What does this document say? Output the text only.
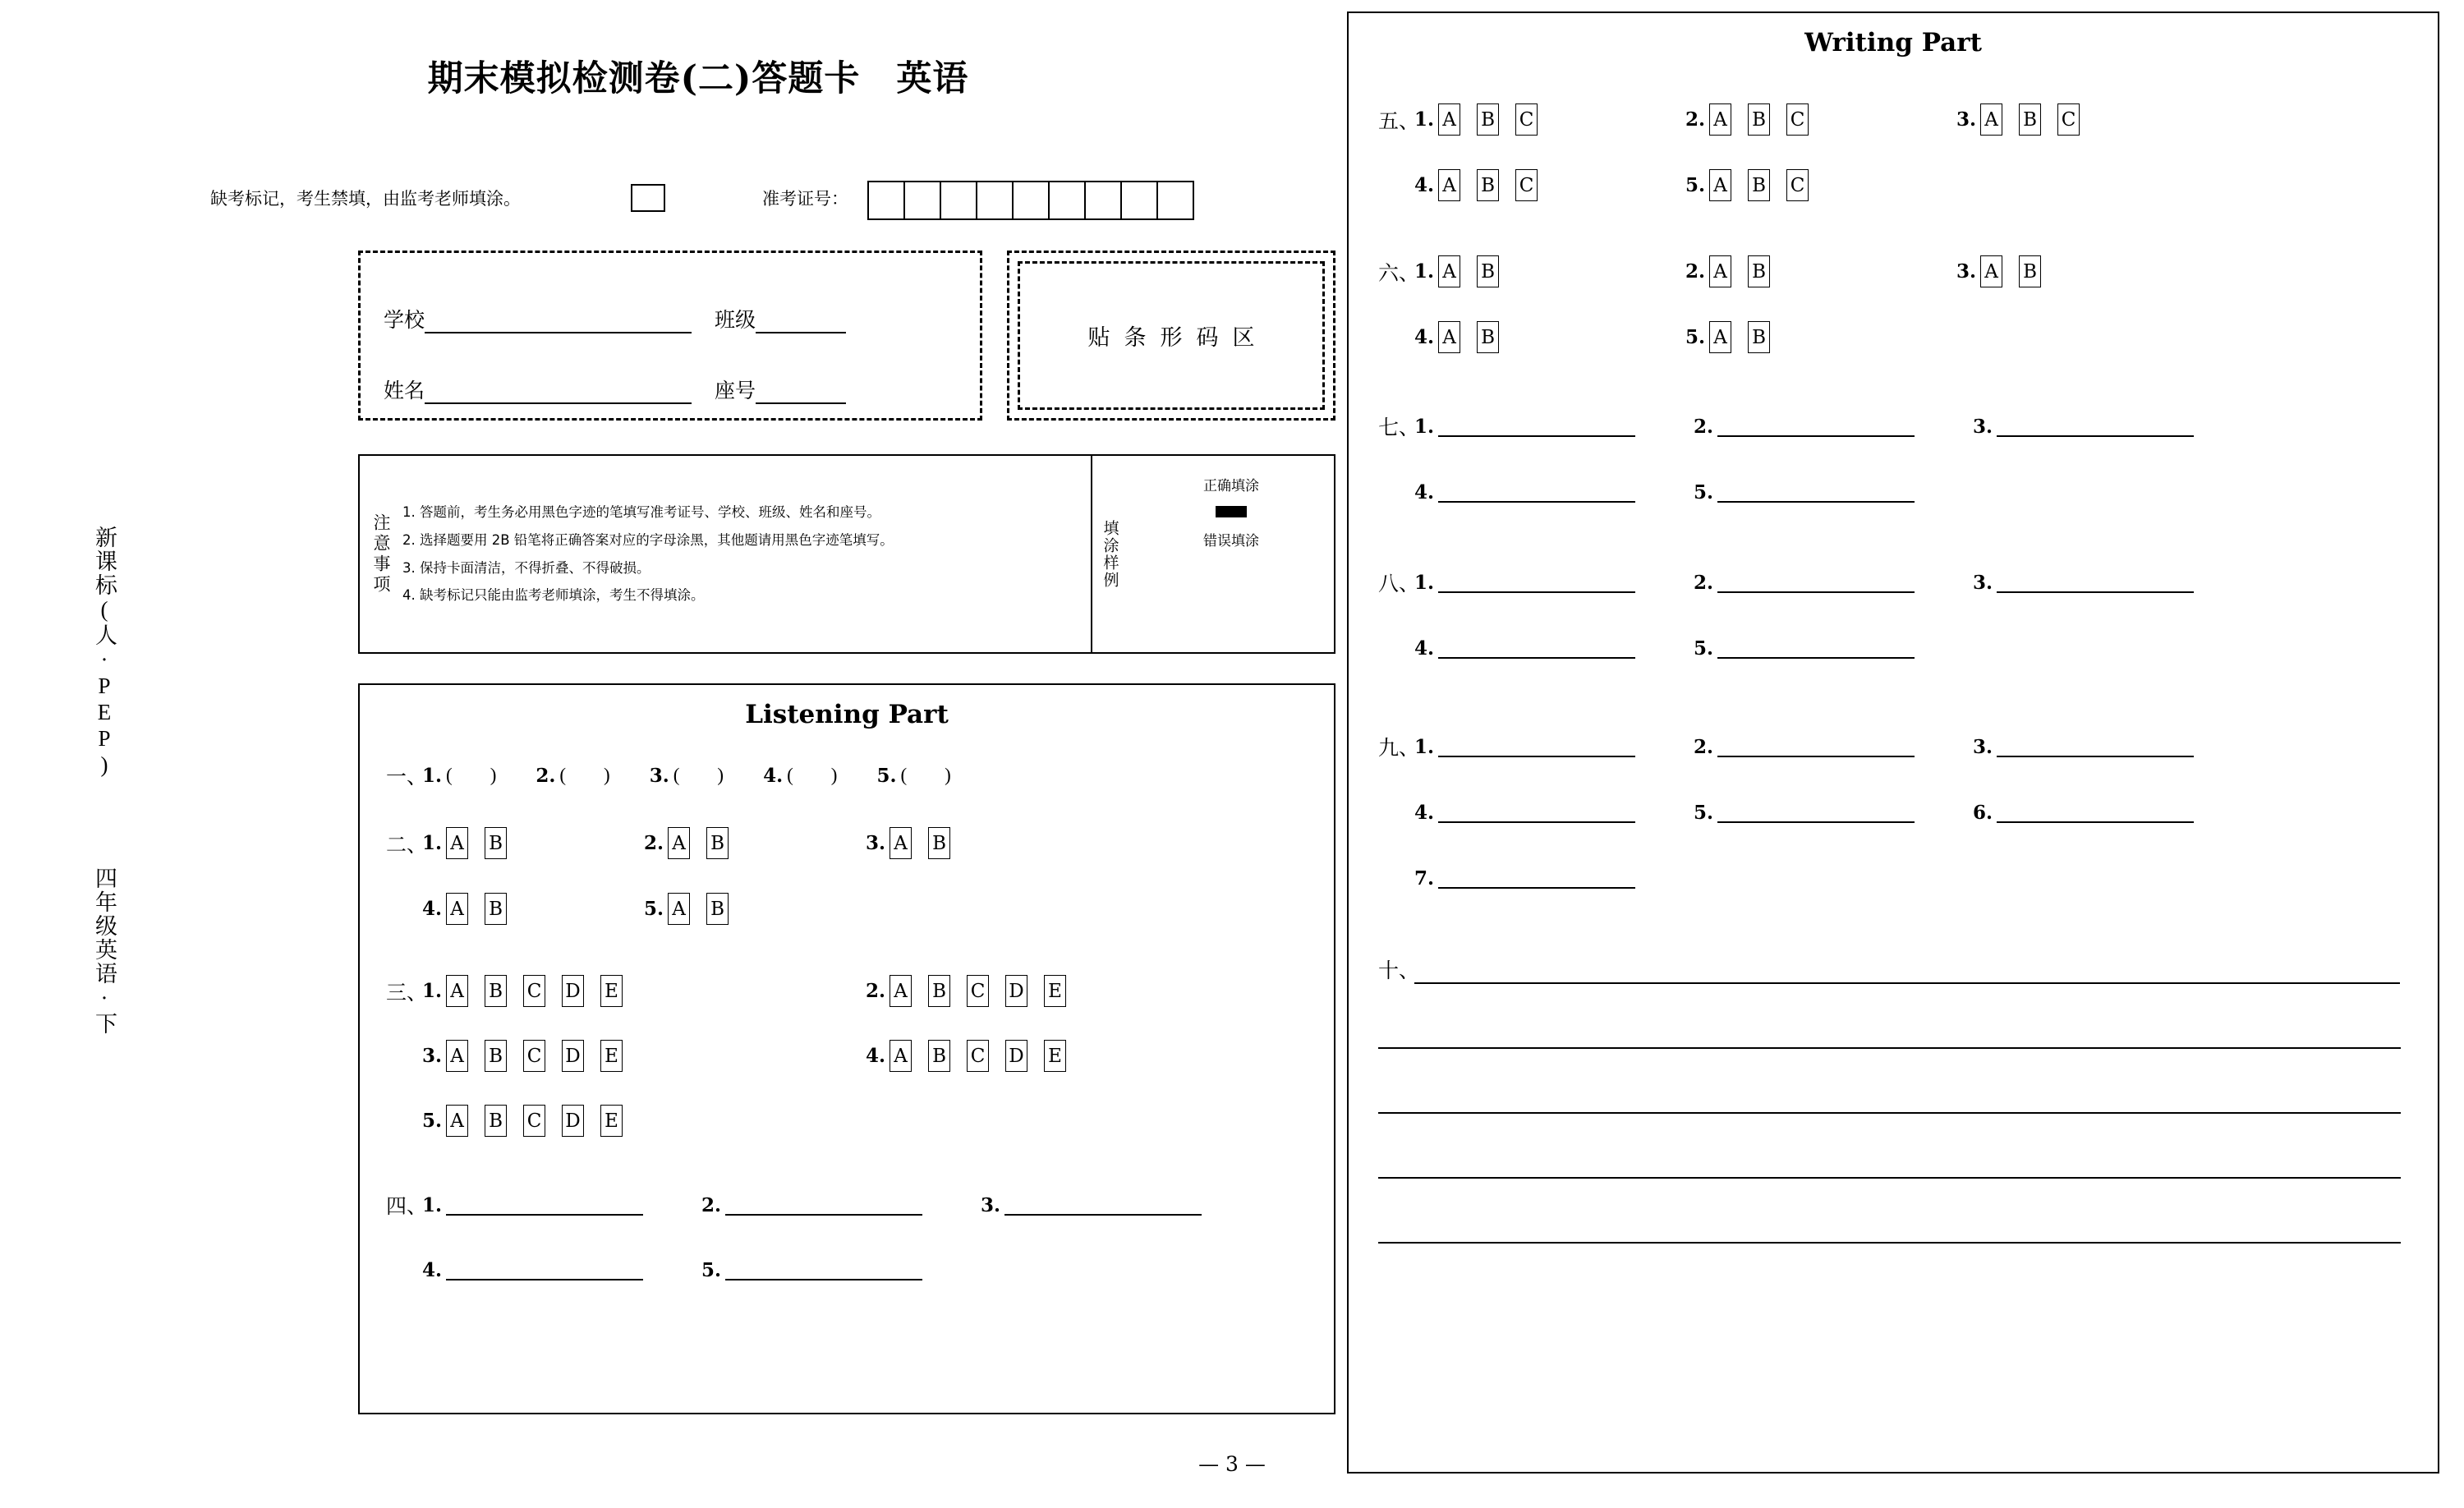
新课标(人·PEP)
四年级英语·下
期末模拟检测卷(二)答题卡　英语
缺考标记，考生禁填，由监考老师填涂。	准考证号：
学校	班级
姓名	座号
贴条形码区
注意事项
1. 答题前，考生务必用黑色字迹的笔填写准考证号、学校、班级、姓名和座号。
2. 选择题要用 2B 铅笔将正确答案对应的字母涂黑，其他题请用黑色字迹笔填写。
3. 保持卡面清洁，不得折叠、不得破损。
4. 缺考标记只能由监考老师填涂，考生不得填涂。
填涂样例
正确填涂
错误填涂
Listening Part
一、
1. ( ) 2. ( ) 3. ( ) 4. ( ) 5. ( )
二、
1. A B	2. A B	3. A B
4. A B	5. A B
三、
1. A B C D E	2. A B C D E
3. A B C D E	4. A B C D E
5. A B C D E
四、
1.	2.	3.
4.	5.
Writing Part
五、
1. A B C	2. A B C	3. A B C
4. A B C	5. A B C
六、
1. A B	2. A B	3. A B
4. A B	5. A B
七、
1.	2.	3.
4.	5.
八、
1.	2.	3.
4.	5.
九、
1.	2.	3.
4.	5.	6.
7.
十、
— 3 —
